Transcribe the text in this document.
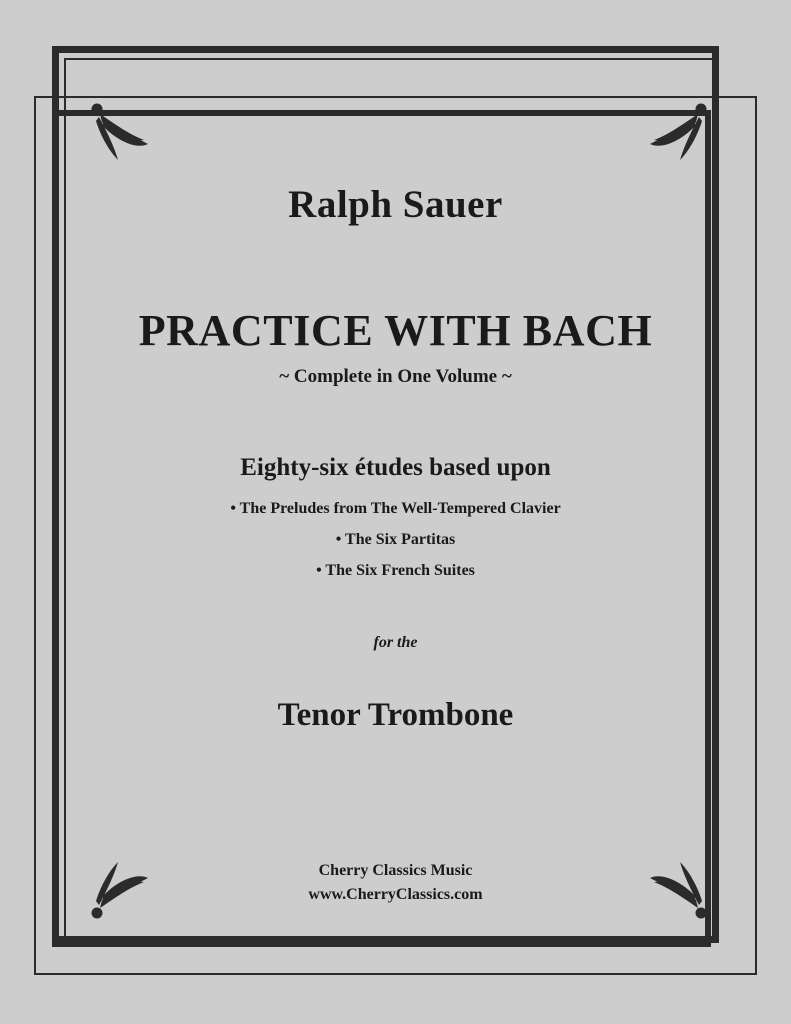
Ralph Sauer
PRACTICE WITH BACH
~ Complete in One Volume ~
Eighty-six études based upon
• The Preludes from The Well-Tempered Clavier
• The Six Partitas
• The Six French Suites
for the
Tenor Trombone
Cherry Classics Music
www.CherryClassics.com
